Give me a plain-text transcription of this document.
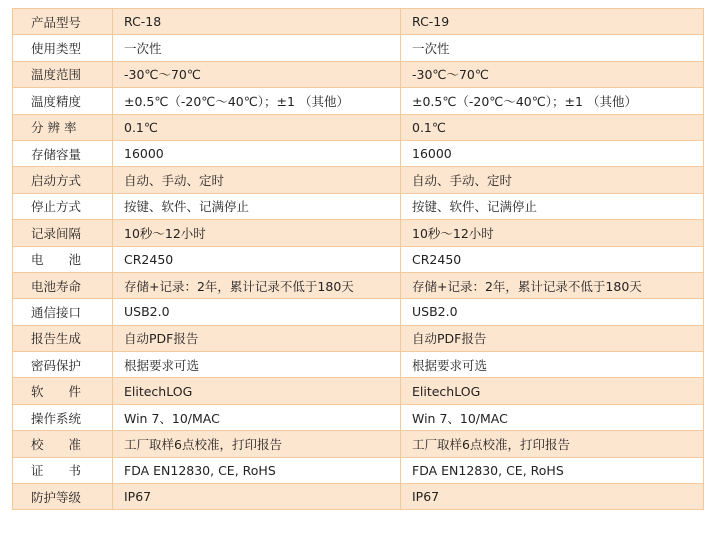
产品型号	RC-18	RC-19
使用类型	一次性	一次性
温度范围	-30℃～70℃	-30℃～70℃
温度精度	±0.5℃（-20℃～40℃）；±1 （其他）	±0.5℃（-20℃～40℃）；±1 （其他）
分 辨 率	0.1℃	0.1℃
存储容量	16000	16000
启动方式	自动、手动、定时	自动、手动、定时
停止方式	按键、软件、记满停止	按键、软件、记满停止
记录间隔	10秒～12小时	10秒～12小时
电　　池	CR2450	CR2450
电池寿命	存储+记录：2年，累计记录不低于180天	存储+记录：2年，累计记录不低于180天
通信接口	USB2.0	USB2.0
报告生成	自动PDF报告	自动PDF报告
密码保护	根据要求可选	根据要求可选
软　　件	ElitechLOG	ElitechLOG
操作系统	Win 7、10/MAC	Win 7、10/MAC
校　　准	工厂取样6点校准，打印报告	工厂取样6点校准，打印报告
证　　书	FDA EN12830, CE, RoHS	FDA EN12830, CE, RoHS
防护等级	IP67	IP67
